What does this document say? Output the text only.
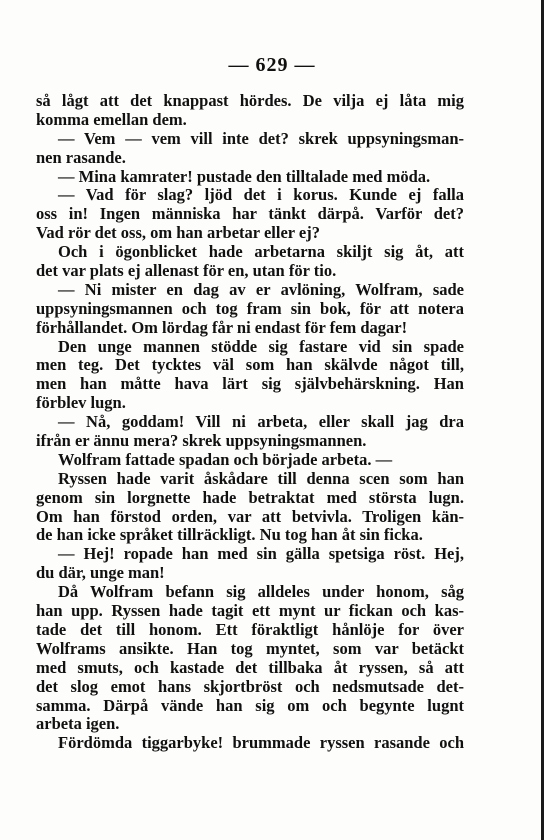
— 629 —
så lågt att det knappast hördes. De vilja ej låta mig
komma emellan dem.
— Vem — vem vill inte det? skrek uppsyningsman-
nen rasande.
— Mina kamrater! pustade den tilltalade med möda.
— Vad för slag? ljöd det i korus. Kunde ej falla
oss in! Ingen människa har tänkt därpå. Varför det?
Vad rör det oss, om han arbetar eller ej?
Och i ögonblicket hade arbetarna skiljt sig åt, att
det var plats ej allenast för en, utan för tio.
— Ni mister en dag av er avlöning, Wolfram, sade
uppsyningsmannen och tog fram sin bok, för att notera
förhållandet. Om lördag får ni endast för fem dagar!
Den unge mannen stödde sig fastare vid sin spade
men teg. Det tycktes väl som han skälvde något till,
men han måtte hava lärt sig självbehärskning. Han
förblev lugn.
— Nå, goddam! Vill ni arbeta, eller skall jag dra
ifrån er ännu mera? skrek uppsyningsmannen.
Wolfram fattade spadan och började arbeta. —
Ryssen hade varit åskådare till denna scen som han
genom sin lorgnette hade betraktat med största lugn.
Om han förstod orden, var att betvivla. Troligen kän-
de han icke språket tillräckligt. Nu tog han åt sin ficka.
— Hej! ropade han med sin gälla spetsiga röst. Hej,
du där, unge man!
Då Wolfram befann sig alldeles under honom, såg
han upp. Ryssen hade tagit ett mynt ur fickan och kas-
tade det till honom. Ett föraktligt hånlöje for över
Wolframs ansikte. Han tog myntet, som var betäckt
med smuts, och kastade det tillbaka åt ryssen, så att
det slog emot hans skjortbröst och nedsmutsade det-
samma. Därpå vände han sig om och begynte lugnt
arbeta igen.
Fördömda tiggarbyke! brummade ryssen rasande och
